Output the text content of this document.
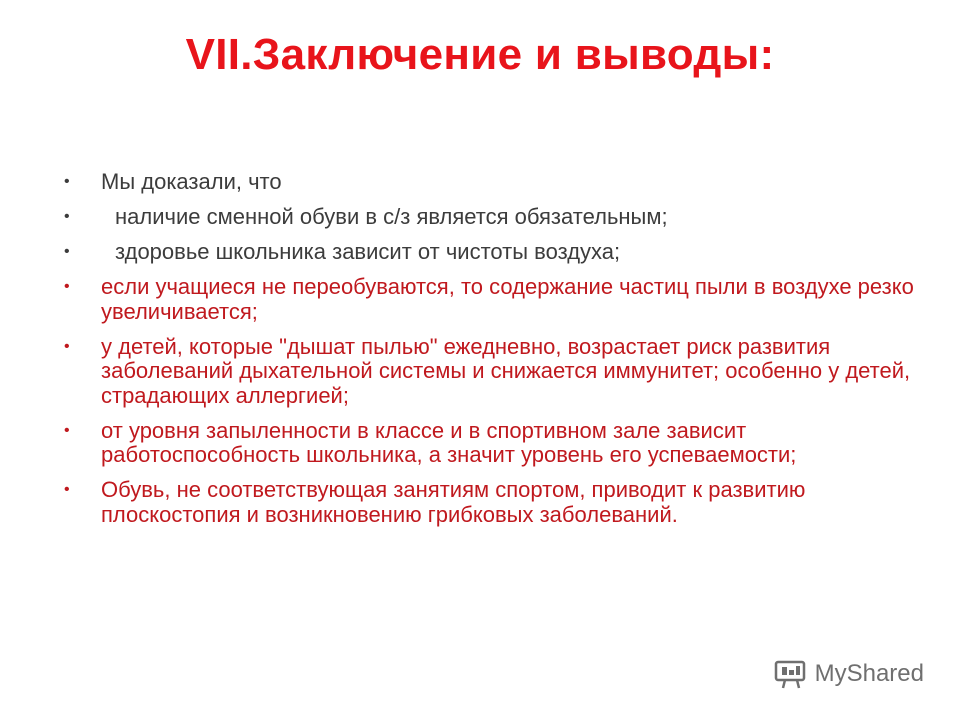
VII.Заключение и выводы:
• Мы доказали, что
• наличие сменной обуви в с/з является обязательным;
• здоровье школьника зависит от чистоты воздуха;
• если учащиеся не переобуваются, то содержание частиц пыли в воздухе резко увеличивается;
• у детей, которые "дышат пылью" ежедневно, возрастает риск развития заболеваний дыхательной системы и снижается иммунитет; особенно у детей, страдающих аллергией;
• от уровня запыленности в классе и в спортивном зале зависит работоспособность школьника, а значит уровень его успеваемости;
• Обувь, не соответствующая занятиям спортом, приводит к развитию плоскостопия и возникновению грибковых заболеваний.
MyShared
